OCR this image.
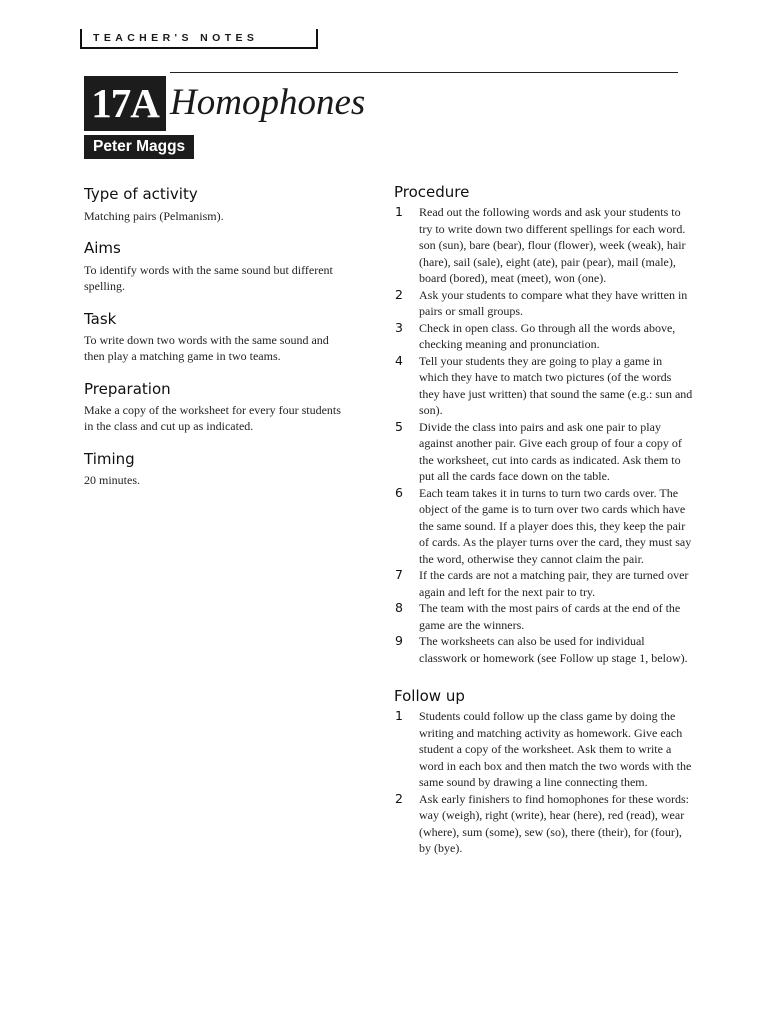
TEACHER'S NOTES
17A Homophones
Peter Maggs
Type of activity

Matching pairs (Pelmanism).

Aims

To identify words with the same sound but different spelling.

Task

To write down two words with the same sound and then play a matching game in two teams.

Preparation

Make a copy of the worksheet for every four students in the class and cut up as indicated.

Timing

20 minutes.

Procedure
1 Read out the following words and ask your students to try to write down two different spellings for each word.
son (sun), bare (bear), flour (flower), week (weak), hair (hare), sail (sale), eight (ate), pair (pear), mail (male), board (bored), meat (meet), won (one).
2 Ask your students to compare what they have written in pairs or small groups.
3 Check in open class. Go through all the words above, checking meaning and pronunciation.
4 Tell your students they are going to play a game in which they have to match two pictures (of the words they have just written) that sound the same (e.g.: sun and son).
5 Divide the class into pairs and ask one pair to play against another pair. Give each group of four a copy of the worksheet, cut into cards as indicated. Ask them to put all the cards face down on the table.
6 Each team takes it in turns to turn two cards over. The object of the game is to turn over two cards which have the same sound. If a player does this, they keep the pair of cards. As the player turns over the card, they must say the word, otherwise they cannot claim the pair.
7 If the cards are not a matching pair, they are turned over again and left for the next pair to try.
8 The team with the most pairs of cards at the end of the game are the winners.
9 The worksheets can also be used for individual classwork or homework (see Follow up stage 1, below).
Follow up
1 Students could follow up the class game by doing the writing and matching activity as homework. Give each student a copy of the worksheet. Ask them to write a word in each box and then match the two words with the same sound by drawing a line connecting them.
2 Ask early finishers to find homophones for these words: way (weigh), right (write), hear (here), red (read), wear (where), sum (some), sew (so), there (their), for (four), by (bye).
